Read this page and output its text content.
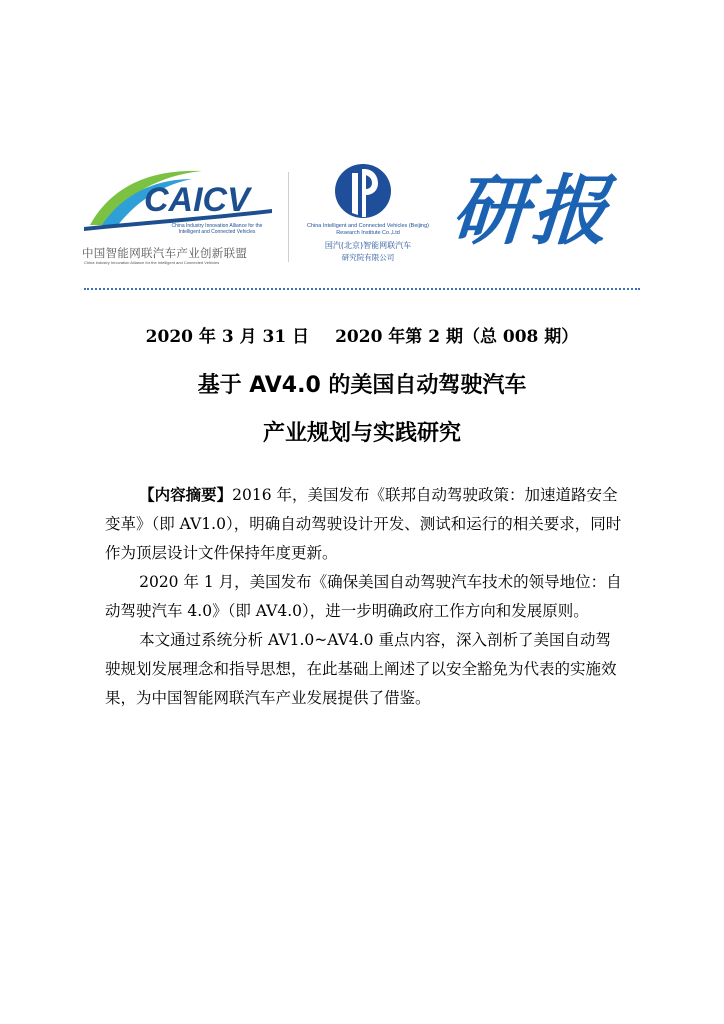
CAICV
China Industry Innovation Alliance for the Intelligent and Connected Vehicles
中国智能网联汽车产业创新联盟
China Industry Innovation Alliance for the Intelligent and Connected Vehicles
China Intelligent and Connected Vehicles (Beijing) Research Institute Co.,Ltd
国汽(北京)智能网联汽车
研究院有限公司
研报
2020 年 3 月 31 日 2020 年第 2 期（总 008 期）
基于 AV4.0 的美国自动驾驶汽车
产业规划与实践研究

【内容摘要】2016 年，美国发布《联邦自动驾驶政策：加速道路安全变革》（即 AV1.0），明确自动驾驶设计开发、测试和运行的相关要求，同时作为顶层设计文件保持年度更新。

2020 年 1 月，美国发布《确保美国自动驾驶汽车技术的领导地位：自动驾驶汽车 4.0》（即 AV4.0），进一步明确政府工作方向和发展原则。

本文通过系统分析 AV1.0~AV4.0 重点内容，深入剖析了美国自动驾驶规划发展理念和指导思想，在此基础上阐述了以安全豁免为代表的实施效果，为中国智能网联汽车产业发展提供了借鉴。
